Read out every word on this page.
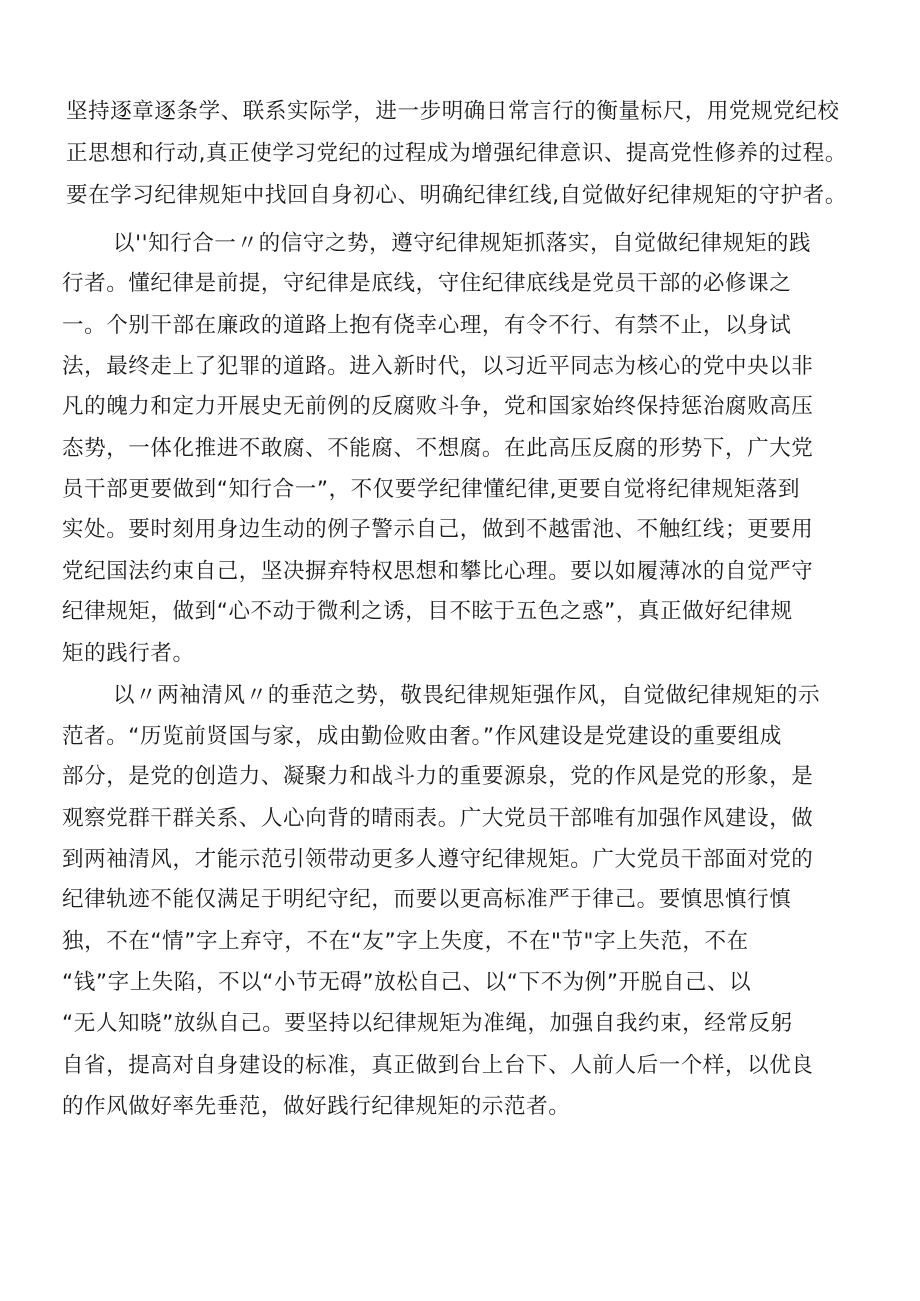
坚持逐章逐条学、联系实际学，进一步明确日常言行的衡量标尺，用党规党纪校
正思想和行动,真正使学习党纪的过程成为增强纪律意识、提高党性修养的过程。
要在学习纪律规矩中找回自身初心、明确纪律红线,自觉做好纪律规矩的守护者。
以''知行合一〃的信守之势，遵守纪律规矩抓落实，自觉做纪律规矩的践
行者。懂纪律是前提，守纪律是底线，守住纪律底线是党员干部的必修课之
一。个别干部在廉政的道路上抱有侥幸心理，有令不行、有禁不止，以身试
法，最终走上了犯罪的道路。进入新时代，以习近平同志为核心的党中央以非
凡的魄力和定力开展史无前例的反腐败斗争，党和国家始终保持惩治腐败高压
态势，一体化推进不敢腐、不能腐、不想腐。在此高压反腐的形势下，广大党
员干部更要做到“知行合一”，不仅要学纪律懂纪律,更要自觉将纪律规矩落到
实处。要时刻用身边生动的例子警示自己，做到不越雷池、不触红线；更要用
党纪国法约束自己，坚决摒弃特权思想和攀比心理。要以如履薄冰的自觉严守
纪律规矩，做到“心不动于微利之诱，目不眩于五色之惑”，真正做好纪律规
矩的践行者。
以〃两袖清风〃的垂范之势，敬畏纪律规矩强作风，自觉做纪律规矩的示
范者。“历览前贤国与家，成由勤俭败由奢。”作风建设是党建设的重要组成
部分，是党的创造力、凝聚力和战斗力的重要源泉，党的作风是党的形象，是
观察党群干群关系、人心向背的晴雨表。广大党员干部唯有加强作风建设，做
到两袖清风，才能示范引领带动更多人遵守纪律规矩。广大党员干部面对党的
纪律轨迹不能仅满足于明纪守纪，而要以更高标准严于律己。要慎思慎行慎
独，不在“情”字上弃守，不在“友”字上失度，不在"节"字上失范，不在
“钱”字上失陷，不以“小节无碍”放松自己、以“下不为例”开脱自己、以
“无人知晓”放纵自己。要坚持以纪律规矩为准绳，加强自我约束，经常反躬
自省，提高对自身建设的标准，真正做到台上台下、人前人后一个样，以优良
的作风做好率先垂范，做好践行纪律规矩的示范者。
